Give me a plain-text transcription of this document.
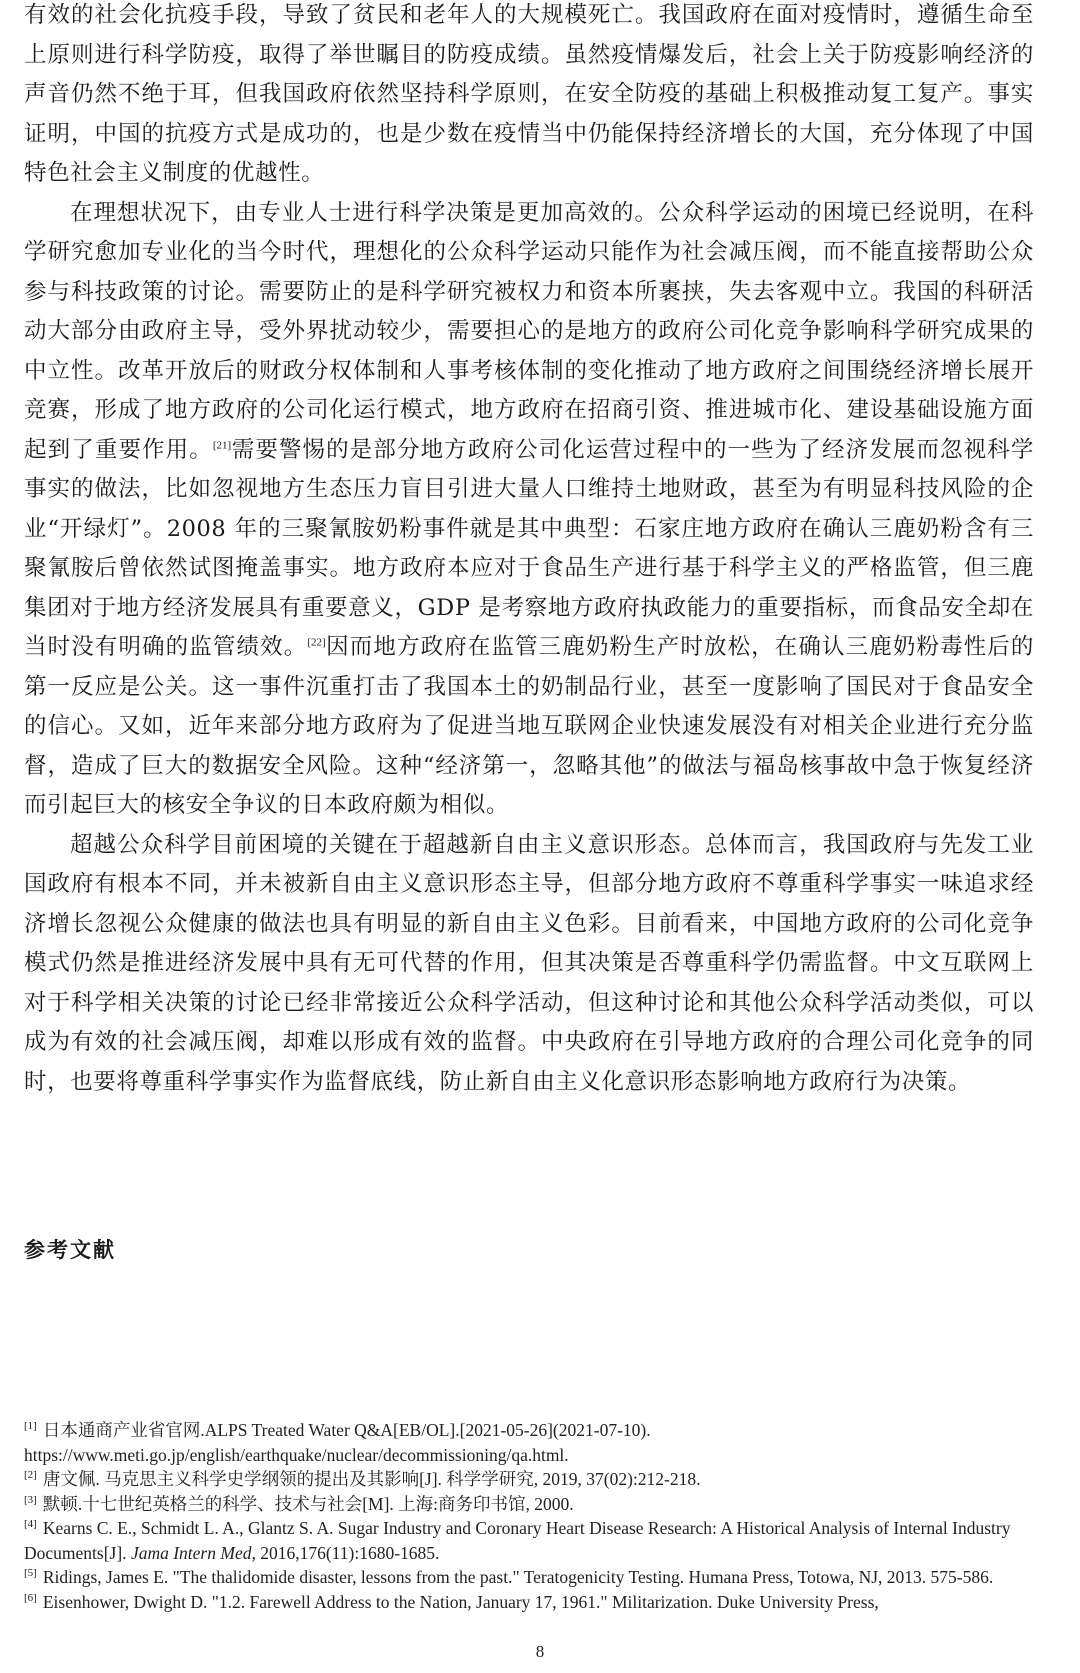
有效的社会化抗疫手段，导致了贫民和老年人的大规模死亡。我国政府在面对疫情时，遵循生命至上原则进行科学防疫，取得了举世瞩目的防疫成绩。虽然疫情爆发后，社会上关于防疫影响经济的声音仍然不绝于耳，但我国政府依然坚持科学原则，在安全防疫的基础上积极推动复工复产。事实证明，中国的抗疫方式是成功的，也是少数在疫情当中仍能保持经济增长的大国，充分体现了中国特色社会主义制度的优越性。

在理想状况下，由专业人士进行科学决策是更加高效的。公众科学运动的困境已经说明，在科学研究愈加专业化的当今时代，理想化的公众科学运动只能作为社会减压阀，而不能直接帮助公众参与科技政策的讨论。需要防止的是科学研究被权力和资本所裹挟，失去客观中立。我国的科研活动大部分由政府主导，受外界扰动较少，需要担心的是地方的政府公司化竞争影响科学研究成果的中立性。改革开放后的财政分权体制和人事考核体制的变化推动了地方政府之间围绕经济增长展开竞赛，形成了地方政府的公司化运行模式，地方政府在招商引资、推进城市化、建设基础设施方面起到了重要作用。[21]需要警惕的是部分地方政府公司化运营过程中的一些为了经济发展而忽视科学事实的做法，比如忽视地方生态压力盲目引进大量人口维持土地财政，甚至为有明显科技风险的企业“开绿灯”。2008 年的三聚氰胺奶粉事件就是其中典型：石家庄地方政府在确认三鹿奶粉含有三聚氰胺后曾依然试图掩盖事实。地方政府本应对于食品生产进行基于科学主义的严格监管，但三鹿集团对于地方经济发展具有重要意义，GDP 是考察地方政府执政能力的重要指标，而食品安全却在当时没有明确的监管绩效。[22]因而地方政府在监管三鹿奶粉生产时放松，在确认三鹿奶粉毒性后的第一反应是公关。这一事件沉重打击了我国本土的奶制品行业，甚至一度影响了国民对于食品安全的信心。又如，近年来部分地方政府为了促进当地互联网企业快速发展没有对相关企业进行充分监督，造成了巨大的数据安全风险。这种“经济第一，忽略其他”的做法与福岛核事故中急于恢复经济而引起巨大的核安全争议的日本政府颇为相似。

超越公众科学目前困境的关键在于超越新自由主义意识形态。总体而言，我国政府与先发工业国政府有根本不同，并未被新自由主义意识形态主导，但部分地方政府不尊重科学事实一味追求经济增长忽视公众健康的做法也具有明显的新自由主义色彩。目前看来，中国地方政府的公司化竞争模式仍然是推进经济发展中具有无可代替的作用，但其决策是否尊重科学仍需监督。中文互联网上对于科学相关决策的讨论已经非常接近公众科学活动，但这种讨论和其他公众科学活动类似，可以成为有效的社会减压阀，却难以形成有效的监督。中央政府在引导地方政府的合理公司化竞争的同时，也要将尊重科学事实作为监督底线，防止新自由主义化意识形态影响地方政府行为决策。

参考文献

[1] 日本通商产业省官网.ALPS Treated Water Q&A[EB/OL].[2021-05-26](2021-07-10).
https://www.meti.go.jp/english/earthquake/nuclear/decommissioning/qa.html.

[2] 唐文佩. 马克思主义科学史学纲领的提出及其影响[J]. 科学学研究, 2019, 37(02):212-218.

[3] 默顿.十七世纪英格兰的科学、技术与社会[M]. 上海:商务印书馆, 2000.

[4] Kearns C. E., Schmidt L. A., Glantz S. A. Sugar Industry and Coronary Heart Disease Research: A Historical Analysis of Internal Industry Documents[J]. Jama Intern Med, 2016,176(11):1680-1685.

[5] Ridings, James E. "The thalidomide disaster, lessons from the past." Teratogenicity Testing. Humana Press, Totowa, NJ, 2013. 575-586.

[6] Eisenhower, Dwight D. "1.2. Farewell Address to the Nation, January 17, 1961." Militarization. Duke University Press,

8
